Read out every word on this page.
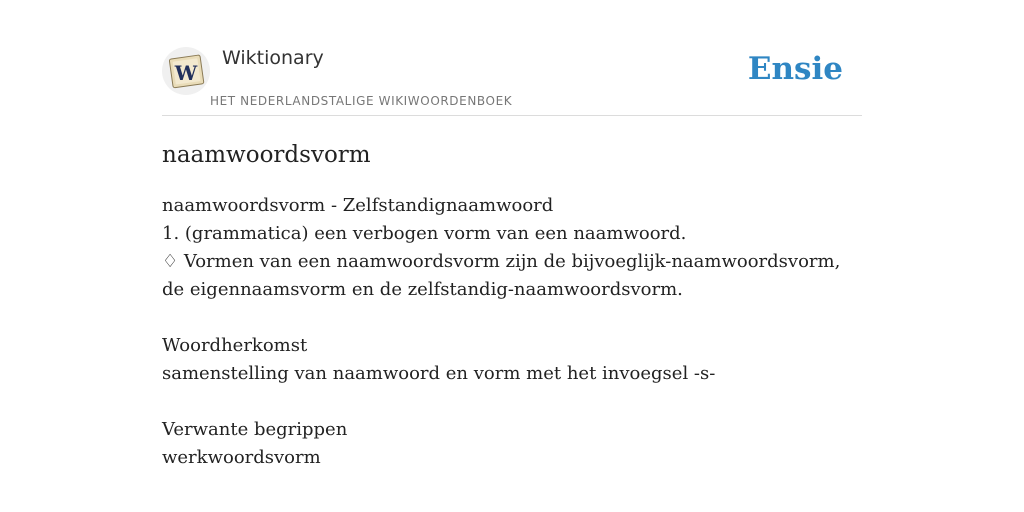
W
Wiktionary
HET NEDERLANDSTALIGE WIKIWOORDENBOEK
Ensie
naamwoordsvorm
naamwoordsvorm - Zelfstandignaamwoord
1. (grammatica) een verbogen vorm van een naamwoord.
♢ Vormen van een naamwoordsvorm zijn de bijvoeglijk-naamwoordsvorm, de eigennaamsvorm en de zelfstandig-naamwoordsvorm.
Woordherkomst
samenstelling van naamwoord en vorm met het invoegsel -s-
Verwante begrippen
werkwoordsvorm
